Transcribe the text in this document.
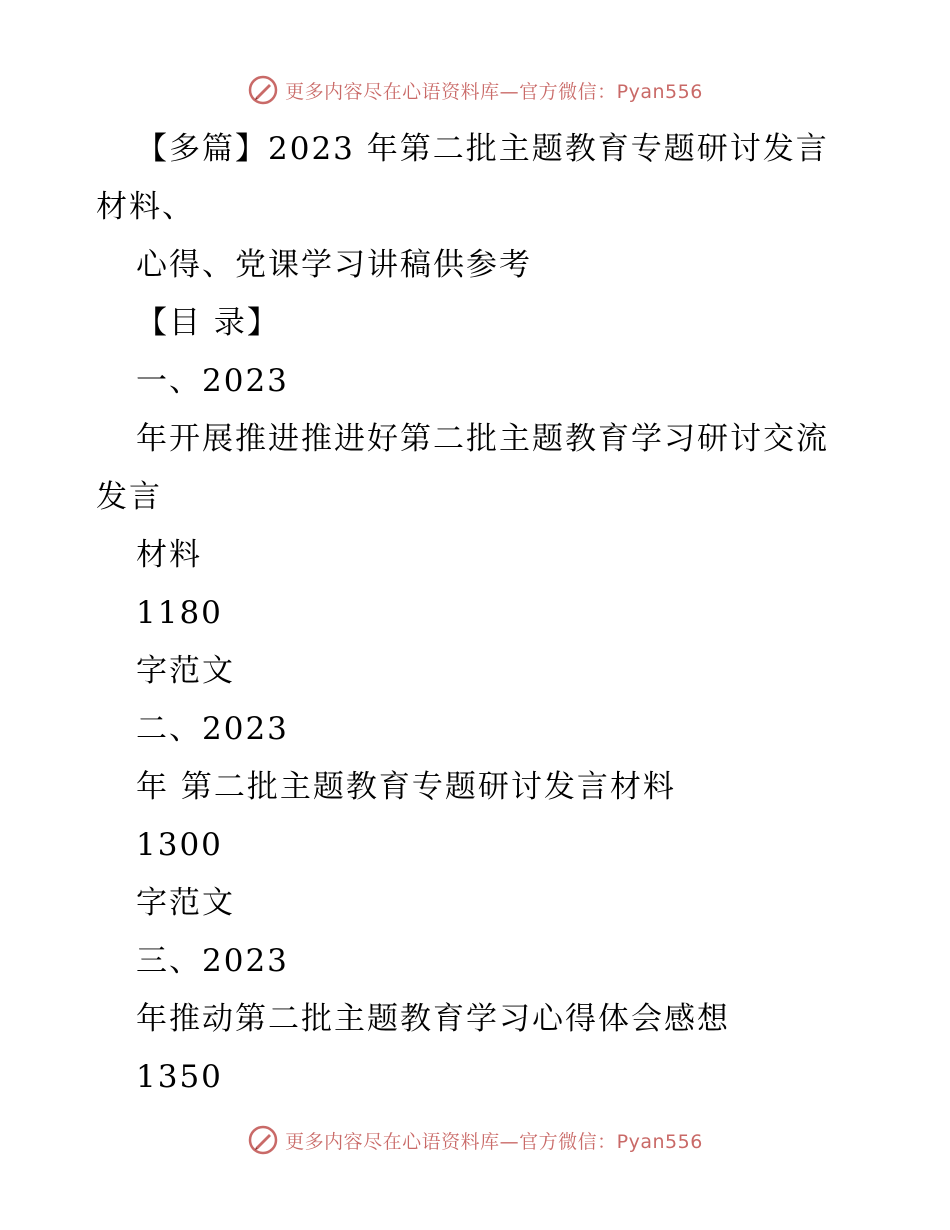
更多内容尽在心语资料库—官方微信：Pyan556
【多篇】2023 年第二批主题教育专题研讨发言
材料、
心得、党课学习讲稿供参考
【目 录】
一、2023
年开展推进推进好第二批主题教育学习研讨交流
发言
材料
1180
字范文
二、2023
年 第二批主题教育专题研讨发言材料
1300
字范文
三、2023
年推动第二批主题教育学习心得体会感想
1350
更多内容尽在心语资料库—官方微信：Pyan556
